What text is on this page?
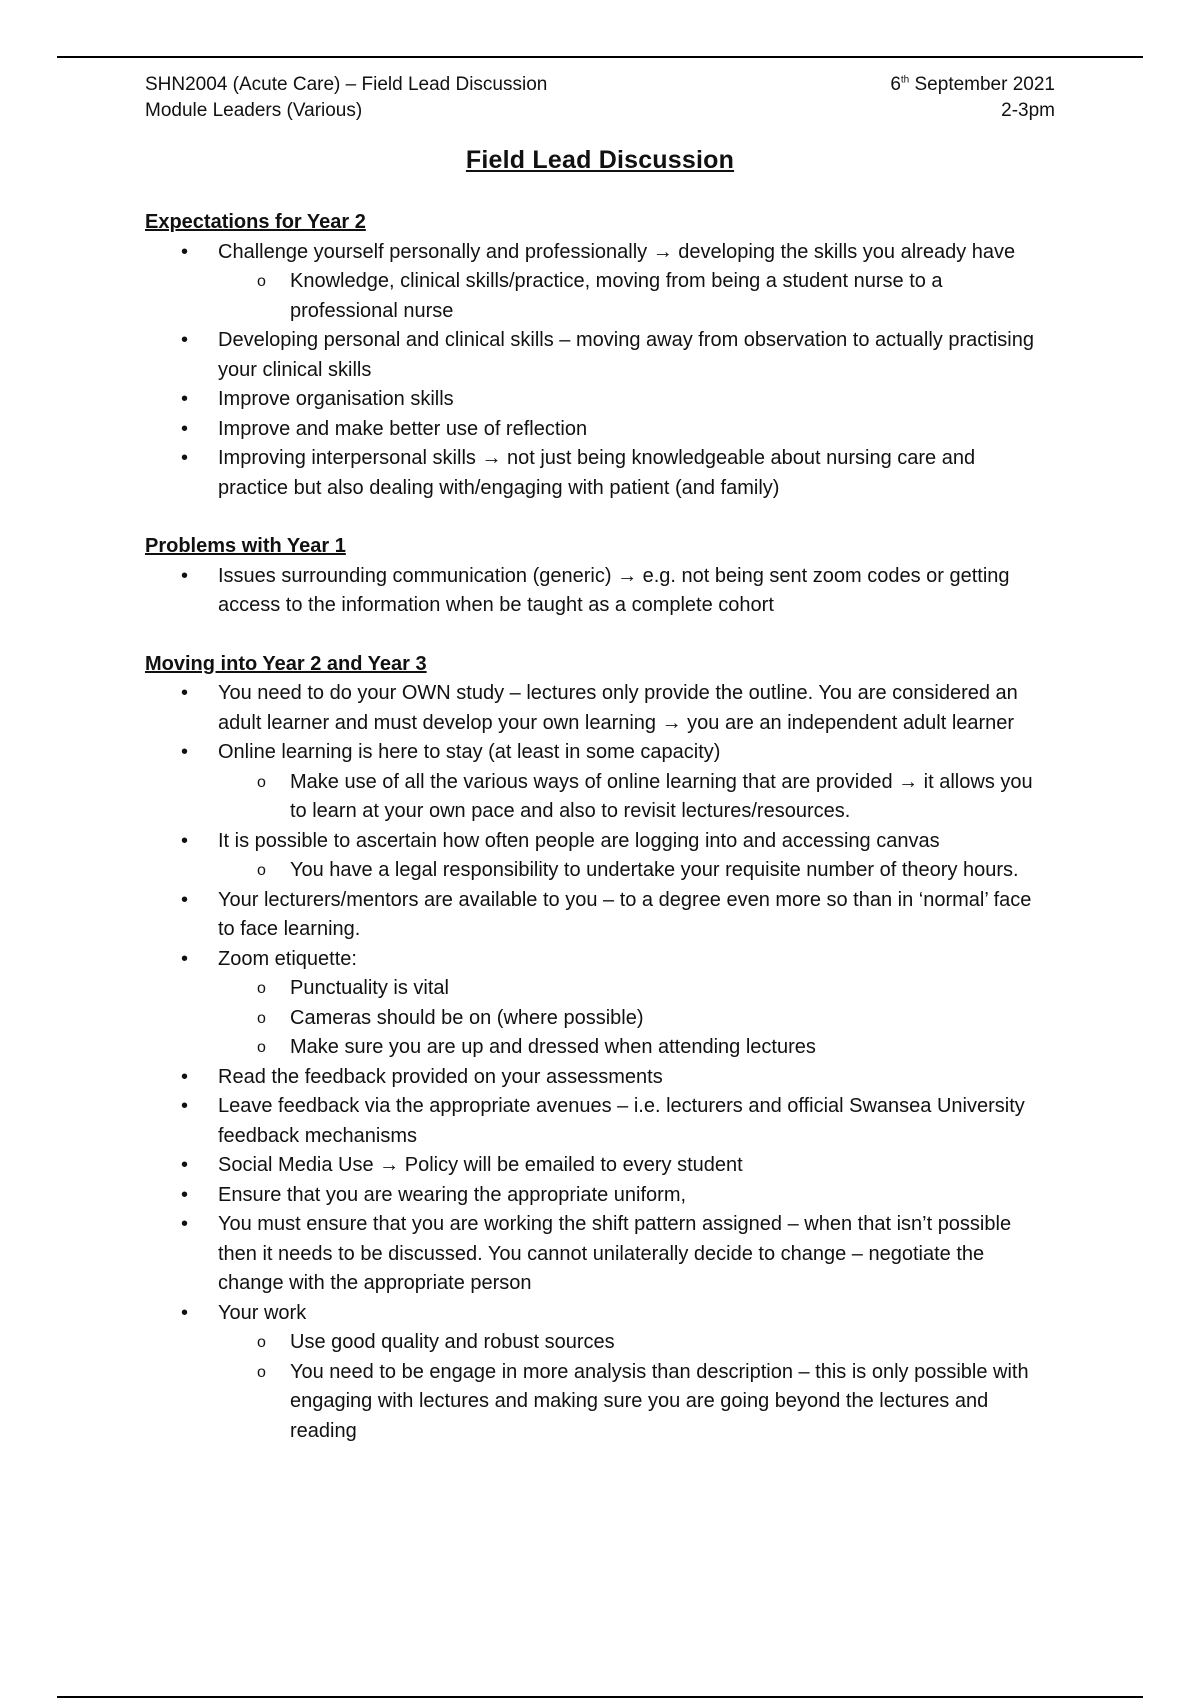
SHN2004 (Acute Care) – Field Lead Discussion	6th September 2021
Module Leaders (Various)	2-3pm
Field Lead Discussion
Expectations for Year 2
• Challenge yourself personally and professionally → developing the skills you already have
o Knowledge, clinical skills/practice, moving from being a student nurse to a professional nurse
• Developing personal and clinical skills – moving away from observation to actually practising your clinical skills
• Improve organisation skills
• Improve and make better use of reflection
• Improving interpersonal skills → not just being knowledgeable about nursing care and practice but also dealing with/engaging with patient (and family)
Problems with Year 1
• Issues surrounding communication (generic) → e.g. not being sent zoom codes or getting access to the information when be taught as a complete cohort
Moving into Year 2 and Year 3
• You need to do your OWN study – lectures only provide the outline. You are considered an adult learner and must develop your own learning → you are an independent adult learner
• Online learning is here to stay (at least in some capacity)
o Make use of all the various ways of online learning that are provided → it allows you to learn at your own pace and also to revisit lectures/resources.
• It is possible to ascertain how often people are logging into and accessing canvas
o You have a legal responsibility to undertake your requisite number of theory hours.
• Your lecturers/mentors are available to you – to a degree even more so than in ‘normal’ face to face learning.
• Zoom etiquette:
o Punctuality is vital
o Cameras should be on (where possible)
o Make sure you are up and dressed when attending lectures
• Read the feedback provided on your assessments
• Leave feedback via the appropriate avenues – i.e. lecturers and official Swansea University feedback mechanisms
• Social Media Use → Policy will be emailed to every student
• Ensure that you are wearing the appropriate uniform,
• You must ensure that you are working the shift pattern assigned – when that isn’t possible then it needs to be discussed. You cannot unilaterally decide to change – negotiate the change with the appropriate person
• Your work
o Use good quality and robust sources
o You need to be engage in more analysis than description – this is only possible with engaging with lectures and making sure you are going beyond the lectures and reading
